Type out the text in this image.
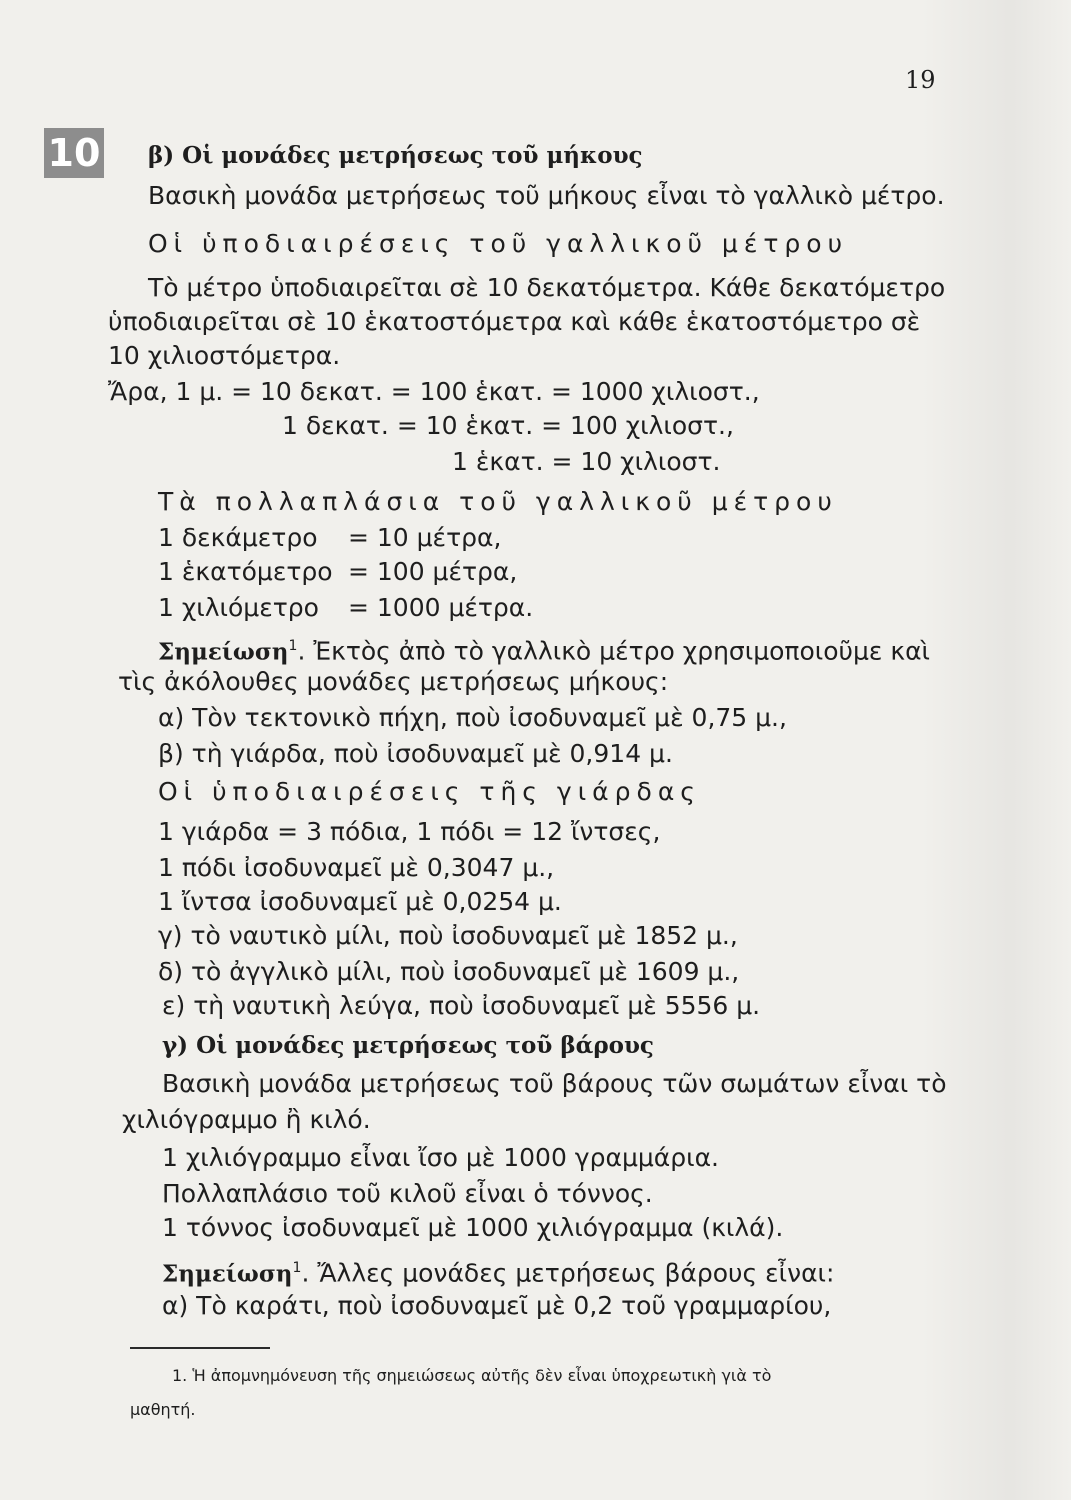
19
10 β) Οἱ μονάδες μετρήσεως τοῦ μήκους
Βασικὴ μονάδα μετρήσεως τοῦ μήκους εἶναι τὸ γαλλικὸ μέτρο.
Οἱ ὑποδιαιρέσεις τοῦ γαλλικοῦ μέτρου
Τὸ μέτρο ὑποδιαιρεῖται σὲ 10 δεκατόμετρα. Κάθε δεκατόμετρο
ὑποδιαιρεῖται σὲ 10 ἑκατοστόμετρα καὶ κάθε ἑκατοστόμετρο σὲ
10 χιλιοστόμετρα.
Ἄρα, 1 μ. = 10 δεκατ. = 100 ἑκατ. = 1000 χιλιοστ.,
1 δεκατ. = 10 ἑκατ. = 100 χιλιοστ.,
1 ἑκατ. = 10 χιλιοστ.
Τὰ πολλαπλάσια τοῦ γαλλικοῦ μέτρου
1 δεκάμετρο = 10 μέτρα,
1 ἑκατόμετρο = 100 μέτρα,
1 χιλιόμετρο = 1000 μέτρα.
Σημείωση$^1$. Ἐκτὸς ἀπὸ τὸ γαλλικὸ μέτρο χρησιμοποιοῦμε καὶ
τὶς ἀκόλουθες μονάδες μετρήσεως μήκους:
α) Τὸν τεκτονικὸ πήχη, ποὺ ἰσοδυναμεῖ μὲ 0,75 μ.,
β) τὴ γιάρδα, ποὺ ἰσοδυναμεῖ μὲ 0,914 μ.
Οἱ ὑποδιαιρέσεις τῆς γιάρδας
1 γιάρδα = 3 πόδια, 1 πόδι = 12 ἴντσες,
1 πόδι ἰσοδυναμεῖ μὲ 0,3047 μ.,
1 ἴντσα ἰσοδυναμεῖ μὲ 0,0254 μ.
γ) τὸ ναυτικὸ μίλι, ποὺ ἰσοδυναμεῖ μὲ 1852 μ.,
δ) τὸ ἀγγλικὸ μίλι, ποὺ ἰσοδυναμεῖ μὲ 1609 μ.,
ε) τὴ ναυτικὴ λεύγα, ποὺ ἰσοδυναμεῖ μὲ 5556 μ.
γ) Οἱ μονάδες μετρήσεως τοῦ βάρους
Βασικὴ μονάδα μετρήσεως τοῦ βάρους τῶν σωμάτων εἶναι τὸ
χιλιόγραμμο ἢ κιλό.
1 χιλιόγραμμο εἶναι ἴσο μὲ 1000 γραμμάρια.
Πολλαπλάσιο τοῦ κιλοῦ εἶναι ὁ τόννος.
1 τόννος ἰσοδυναμεῖ μὲ 1000 χιλιόγραμμα (κιλά).
Σημείωση$^1$. Ἄλλες μονάδες μετρήσεως βάρους εἶναι:
α) Τὸ καράτι, ποὺ ἰσοδυναμεῖ μὲ 0,2 τοῦ γραμμαρίου,
1. Ἡ ἀπομνημόνευση τῆς σημειώσεως αὐτῆς δὲν εἶναι ὑποχρεωτικὴ γιὰ τὸ
μαθητή.
